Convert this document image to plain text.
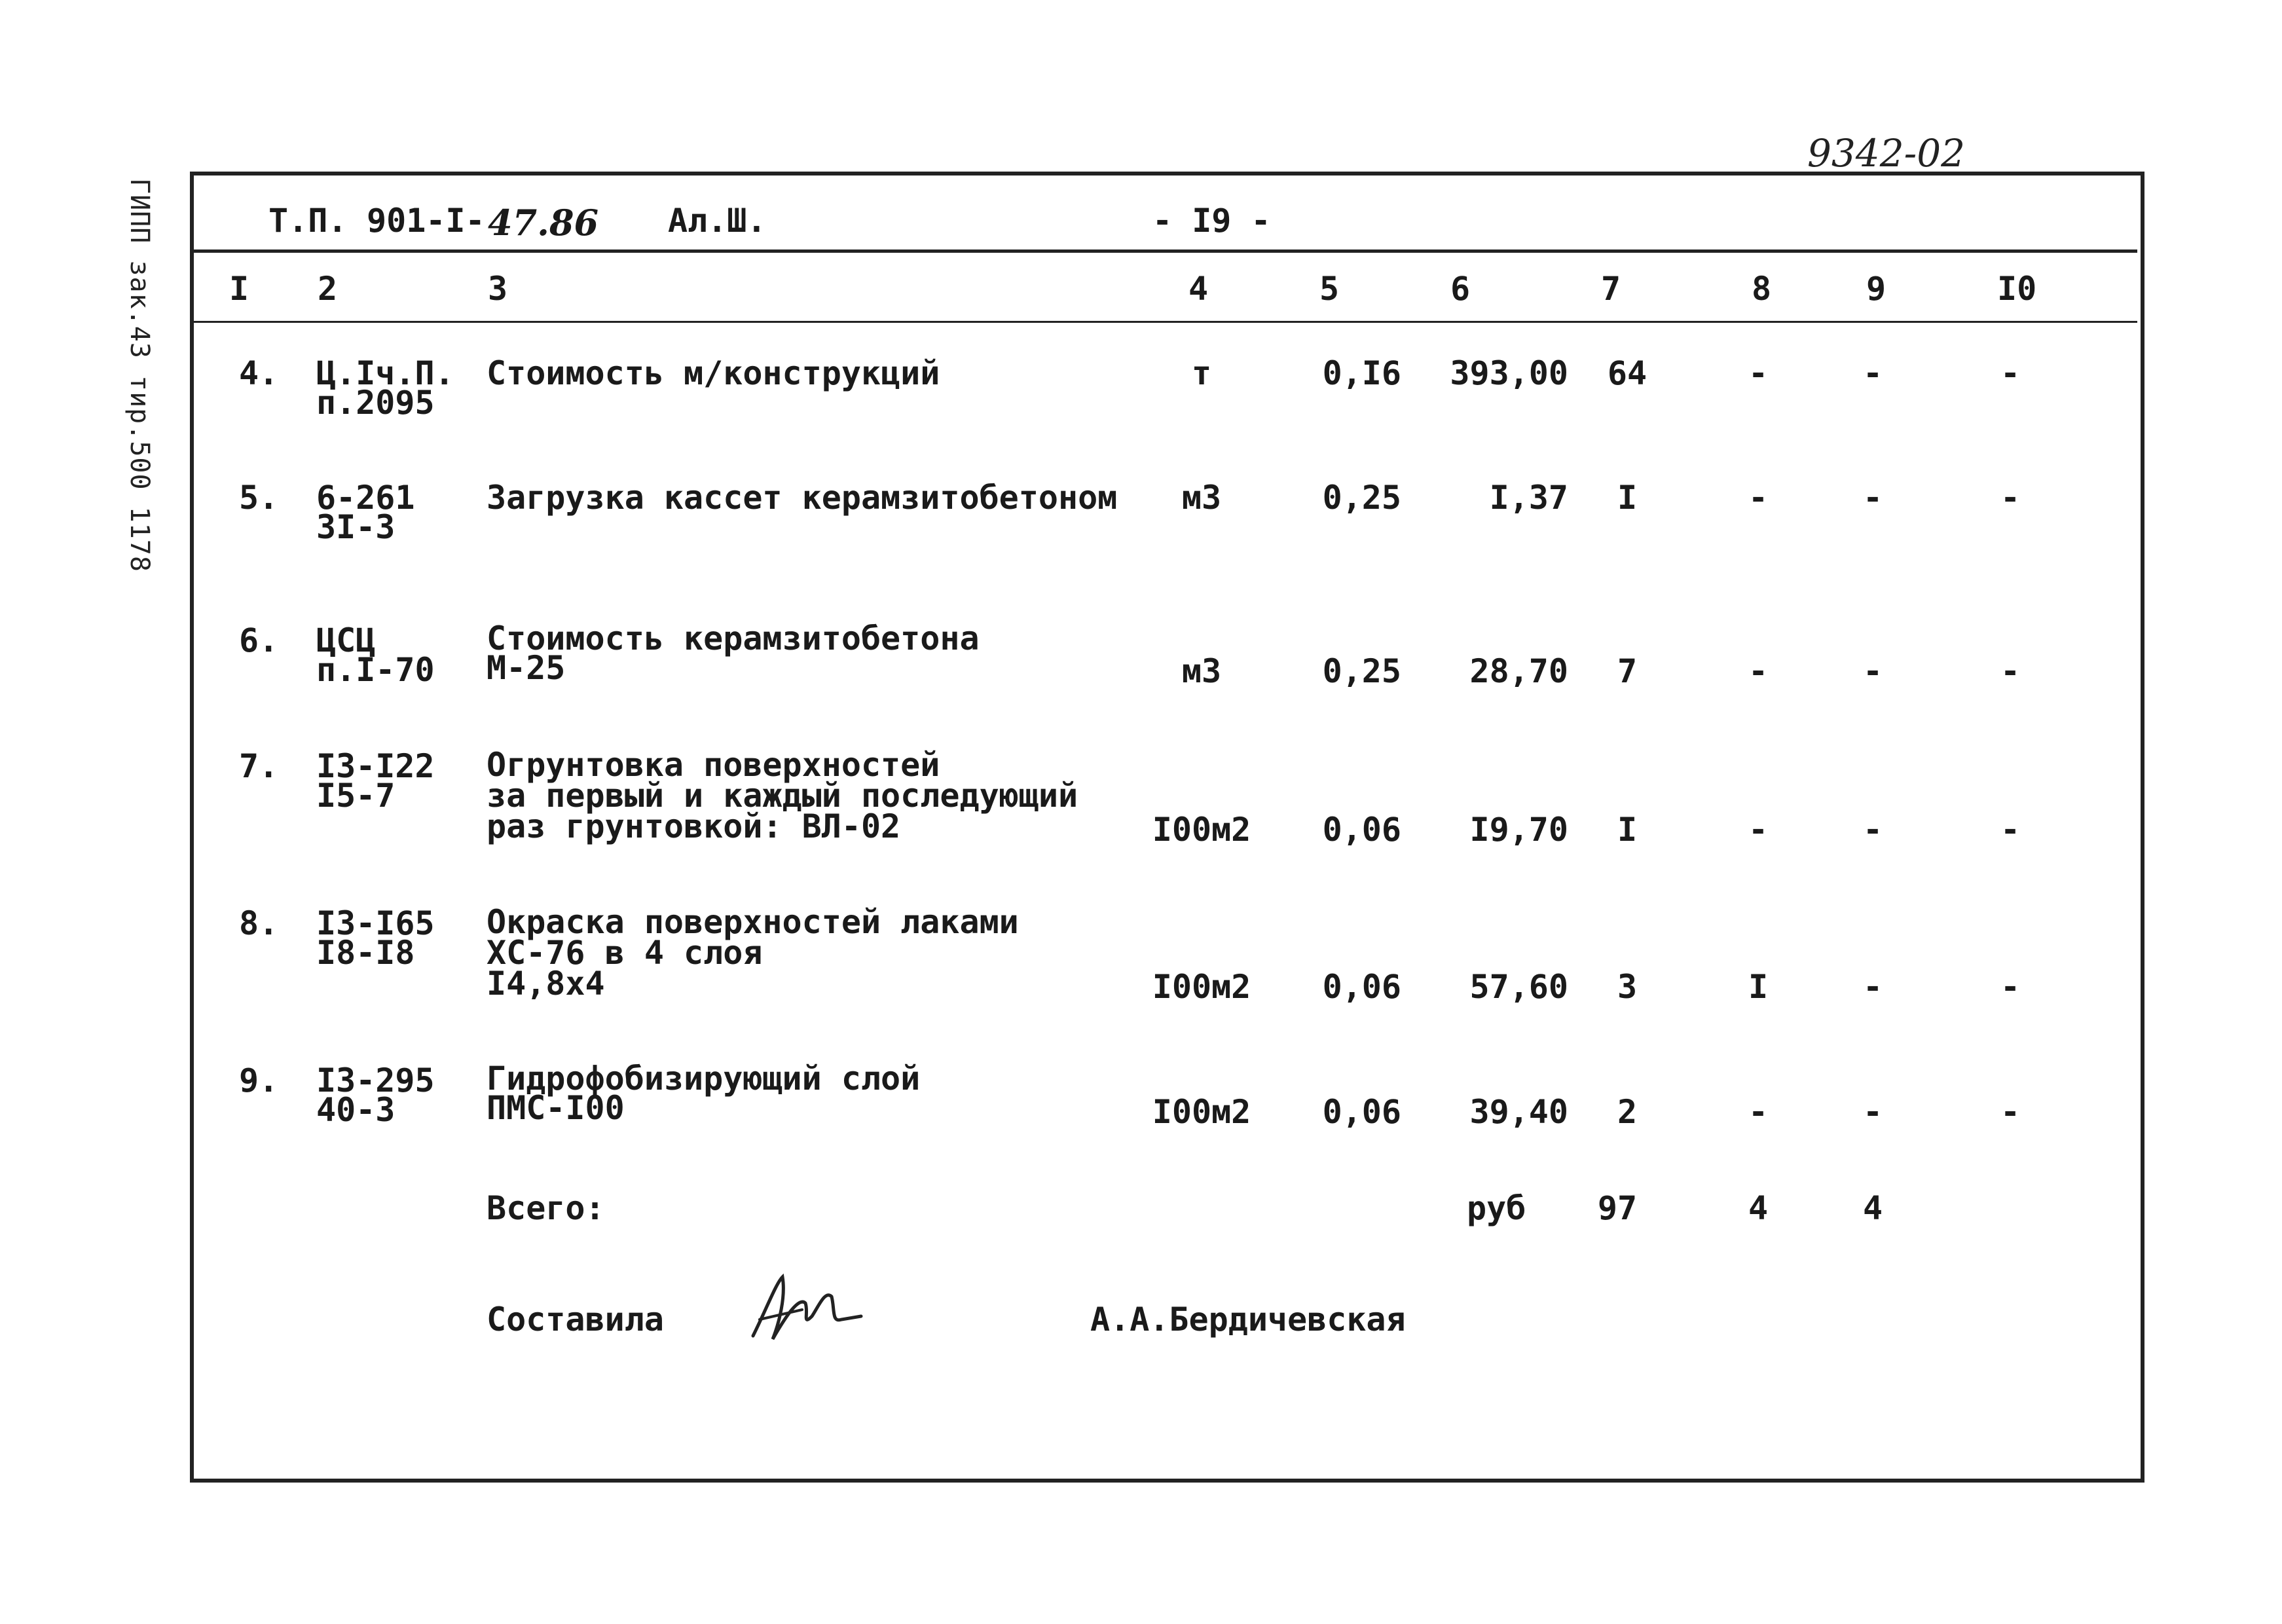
9342-02
ГИПП зак.43 тир.500 1178	Т.П. 901-I- 47.86 Ал.Ш.	- I9 -
I 2	3	4	5	6	7	8	9	I0
4. Ц.Iч.П.
п.2095
Стоимость м/конструкций	т	0,I6	393,00	64	-	-	-
5. 6-261
3I-3
Загрузка кассет керамзитобетоном	м3	0,25	I,37	I	-	-	-
6. ЦСЦ
п.I-70
Стоимость керамзитобетона
М-25	м3	0,25	28,70	7	-	-	-
7. I3-I22
I5-7
Огрунтовка поверхностей
за первый и каждый последующий
раз грунтовкой: ВЛ-02	I00м2	0,06	I9,70	I	-	-	-
8. I3-I65
I8-I8
Окраска поверхностей лаками
ХС-76 в 4 слоя
I4,8х4	I00м2	0,06	57,60	3	I	-	-
9. I3-295
40-3
Гидрофобизирующий слой
ПМС-I00	I00м2	0,06	39,40	2	-	-	-
Всего:	руб	97	4	4
Составила	А.А.Бердичевская
